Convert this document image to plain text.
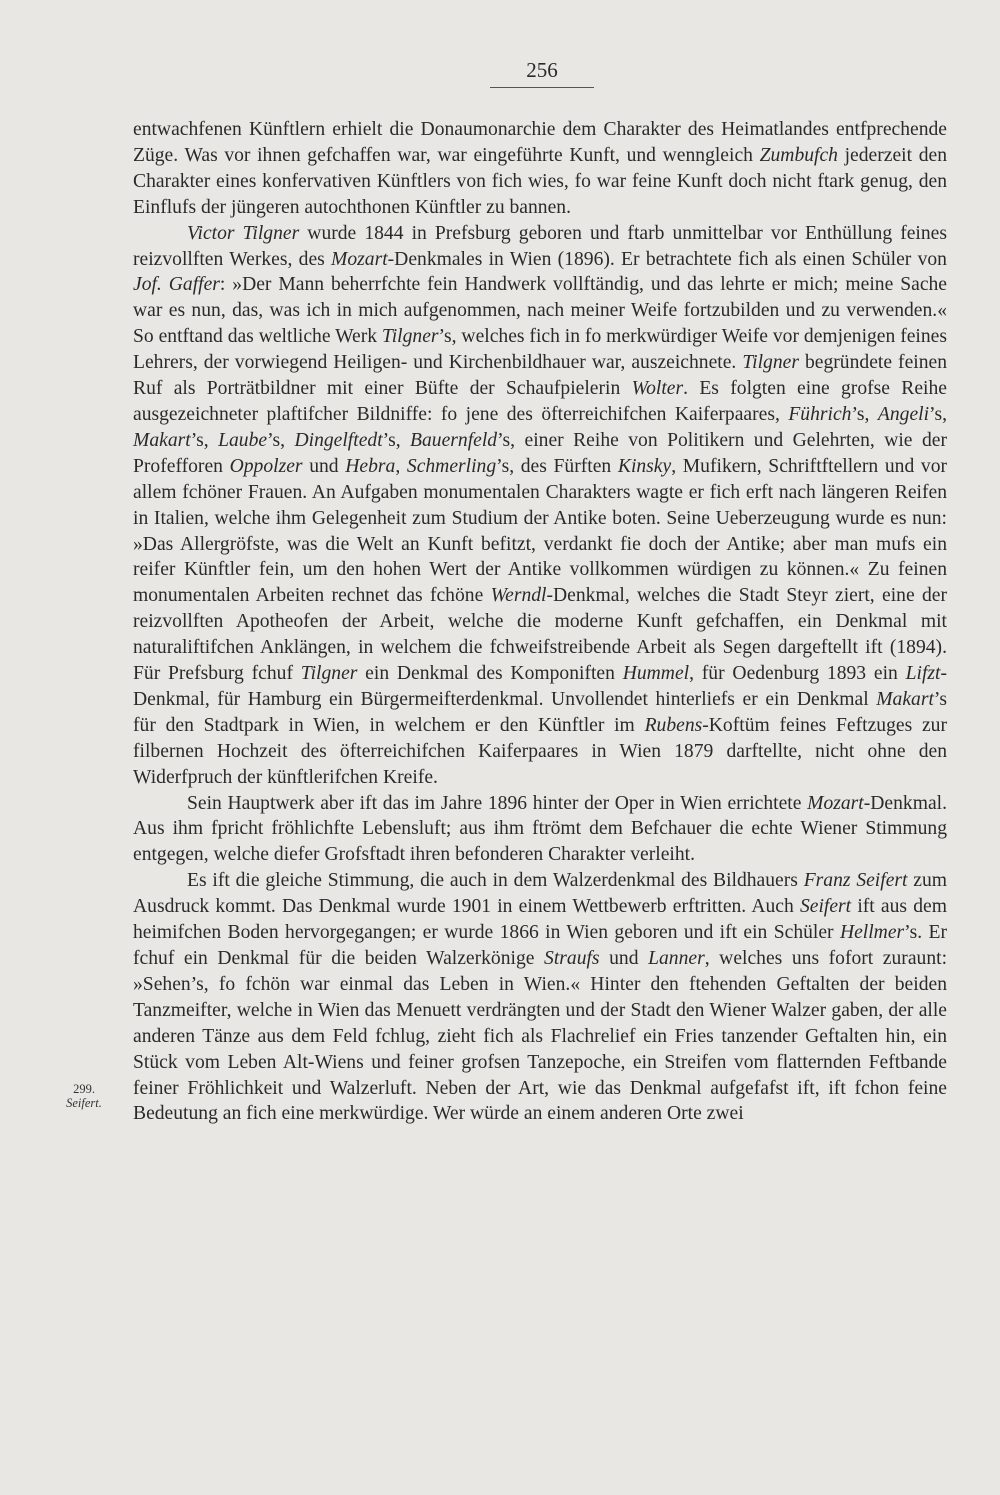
256
299.
Seifert.

entwachfenen Künftlern erhielt die Donaumonarchie dem Charakter des Heimatlandes entfprechende Züge. Was vor ihnen gefchaffen war, war eingeführte Kunft, und wenngleich Zumbufch jederzeit den Charakter eines konfervativen Künftlers von fich wies, fo war feine Kunft doch nicht ftark genug, den Einflufs der jüngeren autochthonen Künftler zu bannen.

Victor Tilgner wurde 1844 in Prefsburg geboren und ftarb unmittelbar vor Enthüllung feines reizvollften Werkes, des Mozart-Denkmales in Wien (1896). Er betrachtete fich als einen Schüler von Jof. Gaffer: »Der Mann beherrfchte fein Handwerk vollftändig, und das lehrte er mich; meine Sache war es nun, das, was ich in mich aufgenommen, nach meiner Weife fortzubilden und zu verwenden.« So entftand das weltliche Werk Tilgner’s, welches fich in fo merkwürdiger Weife vor demjenigen feines Lehrers, der vorwiegend Heiligen- und Kirchenbildhauer war, auszeichnete. Tilgner begründete feinen Ruf als Porträtbildner mit einer Büfte der Schaufpielerin Wolter. Es folgten eine grofse Reihe ausgezeichneter plaftifcher Bildniffe: fo jene des öfterreichifchen Kaiferpaares, Führich’s, Angeli’s, Makart’s, Laube’s, Dingelftedt’s, Bauernfeld’s, einer Reihe von Politikern und Gelehrten, wie der Profefforen Oppolzer und Hebra, Schmerling’s, des Fürften Kinsky, Mufikern, Schriftftellern und vor allem fchöner Frauen. An Aufgaben monumentalen Charakters wagte er fich erft nach längeren Reifen in Italien, welche ihm Gelegenheit zum Studium der Antike boten. Seine Ueberzeugung wurde es nun: »Das Allergröfste, was die Welt an Kunft befitzt, verdankt fie doch der Antike; aber man mufs ein reifer Künftler fein, um den hohen Wert der Antike vollkommen würdigen zu können.« Zu feinen monumentalen Arbeiten rechnet das fchöne Werndl-Denkmal, welches die Stadt Steyr ziert, eine der reizvollften Apotheofen der Arbeit, welche die moderne Kunft gefchaffen, ein Denkmal mit naturaliftifchen Anklängen, in welchem die fchweifstreibende Arbeit als Segen dargeftellt ift (1894). Für Prefsburg fchuf Tilgner ein Denkmal des Komponiften Hummel, für Oedenburg 1893 ein Lifzt-Denkmal, für Hamburg ein Bürgermeifterdenkmal. Unvollendet hinterliefs er ein Denkmal Makart’s für den Stadtpark in Wien, in welchem er den Künftler im Rubens-Koftüm feines Feftzuges zur filbernen Hochzeit des öfterreichifchen Kaiferpaares in Wien 1879 darftellte, nicht ohne den Widerfpruch der künftlerifchen Kreife.

Sein Hauptwerk aber ift das im Jahre 1896 hinter der Oper in Wien errichtete Mozart-Denkmal. Aus ihm fpricht fröhlichfte Lebensluft; aus ihm ftrömt dem Befchauer die echte Wiener Stimmung entgegen, welche diefer Grofsftadt ihren befonderen Charakter verleiht.

Es ift die gleiche Stimmung, die auch in dem Walzerdenkmal des Bildhauers Franz Seifert zum Ausdruck kommt. Das Denkmal wurde 1901 in einem Wettbewerb erftritten. Auch Seifert ift aus dem heimifchen Boden hervorgegangen; er wurde 1866 in Wien geboren und ift ein Schüler Hellmer’s. Er fchuf ein Denkmal für die beiden Walzerkönige Straufs und Lanner, welches uns fofort zuraunt: »Sehen’s, fo fchön war einmal das Leben in Wien.« Hinter den ftehenden Geftalten der beiden Tanzmeifter, welche in Wien das Menuett verdrängten und der Stadt den Wiener Walzer gaben, der alle anderen Tänze aus dem Feld fchlug, zieht fich als Flachrelief ein Fries tanzender Geftalten hin, ein Stück vom Leben Alt-Wiens und feiner grofsen Tanzepoche, ein Streifen vom flatternden Feftbande feiner Fröhlichkeit und Walzerluft. Neben der Art, wie das Denkmal aufgefafst ift, ift fchon feine Bedeutung an fich eine merkwürdige. Wer würde an einem anderen Orte zwei
